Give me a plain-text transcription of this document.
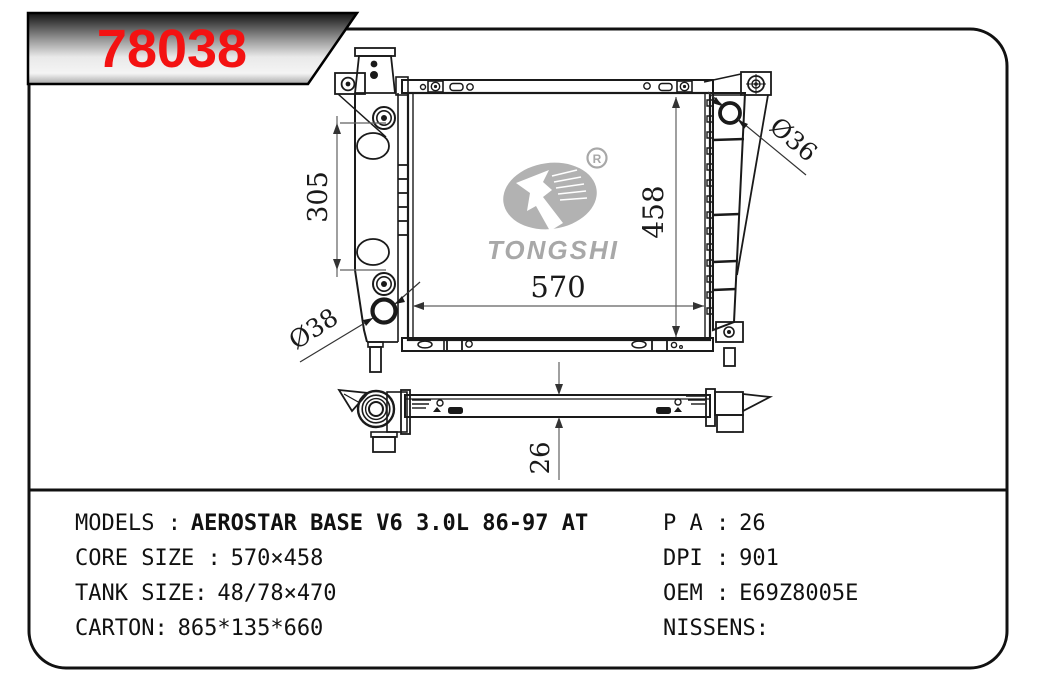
78038
R
TONGSHI
305	458
570
26
Ø38
Ø36
MODELS : AEROSTAR BASE V6 3.0L 86-97 AT
CORE SIZE : 570×458
TANK SIZE: 48/78×470
CARTON: 865*135*660
P A : 26
DPI : 901
OEM : E69Z8005E
NISSENS:
